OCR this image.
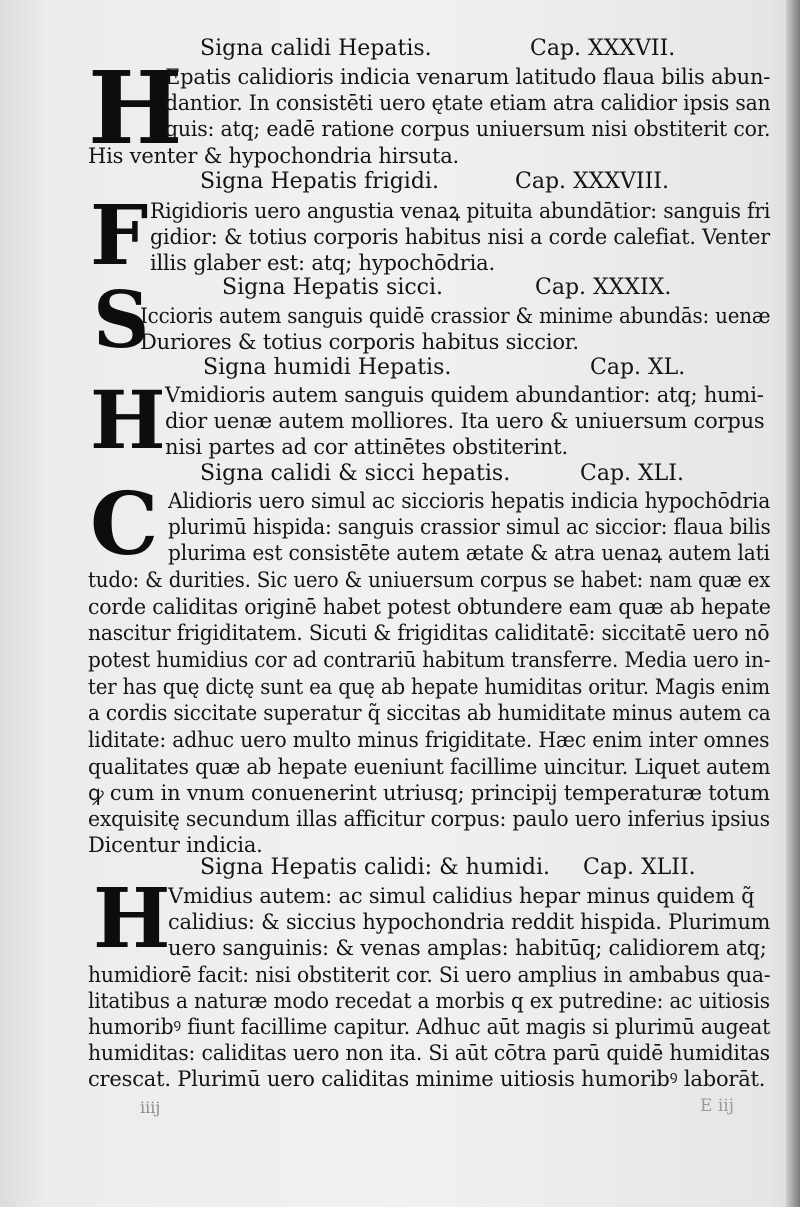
Signa calidi Hepatis.	Cap. XXXVII.
H
Epatis calidioris indicia venarum latitudo flaua bilis abun-
dantior. In consistēti uero ętate etiam atra calidior ipsis san
guis: atq; eadē ratione corpus uniuersum nisi obstiterit cor.
His venter & hypochondria hirsuta.
Signa Hepatis frigidi.	Cap. XXXVIII.
F Rigidioris uero angustia venaꝝ pituita abundātior: sanguis fri
gidior: & totius corporis habitus nisi a corde calefiat. Venter
illis glaber est: atq; hypochōdria.
Signa Hepatis sicci.	Cap. XXXIX.
S
Iccioris autem sanguis quidē crassior & minime abundās: uenæ
Duriores & totius corporis habitus siccior.
Signa humidi Hepatis.	Cap. XL.
H Vmidioris autem sanguis quidem abundantior: atq; humi-
dior uenæ autem molliores. Ita uero & uniuersum corpus
nisi partes ad cor attinētes obstiterint.
Signa calidi & sicci hepatis.	Cap. XLI.
C Alidioris uero simul ac siccioris hepatis indicia hypochōdria
plurimū hispida: sanguis crassior simul ac siccior: flaua bilis
plurima est consistēte autem ætate & atra uenaꝝ autem lati
tudo: & durities. Sic uero & uniuersum corpus se habet: nam quæ ex
corde caliditas originē habet potest obtundere eam quæ ab hepate
nascitur frigiditatem. Sicuti & frigiditas caliditatē: siccitatē uero nō
potest humidius cor ad contrariū habitum transferre. Media uero in-
ter has quę dictę sunt ea quę ab hepate humiditas oritur. Magis enim
a cordis siccitate superatur q̃ siccitas ab humiditate minus autem ca
liditate: adhuc uero multo minus frigiditate. Hæc enim inter omnes
qualitates quæ ab hepate eueniunt facillime uincitur. Liquet autem
ꝙ cum in vnum conuenerint utriusq; principij temperaturæ totum
exquisitę secundum illas afficitur corpus: paulo uero inferius ipsius
Dicentur indicia.
Signa Hepatis calidi: & humidi. Cap. XLII.
H
Vmidius autem: ac simul calidius hepar minus quidem q̃
calidius: & siccius hypochondria reddit hispida. Plurimum
uero sanguinis: & venas amplas: habitūq; calidiorem atq;
humidiorē facit: nisi obstiterit cor. Si uero amplius in ambabus qua-
litatibus a naturæ modo recedat a morbis q ex putredine: ac uitiosis
humoribꝰ fiunt facillime capitur. Adhuc aūt magis si plurimū augeat
humiditas: caliditas uero non ita. Si aūt cōtra parū quidē humiditas
crescat. Plurimū uero caliditas minime uitiosis humoribꝰ laborāt.
iiij	E iij
